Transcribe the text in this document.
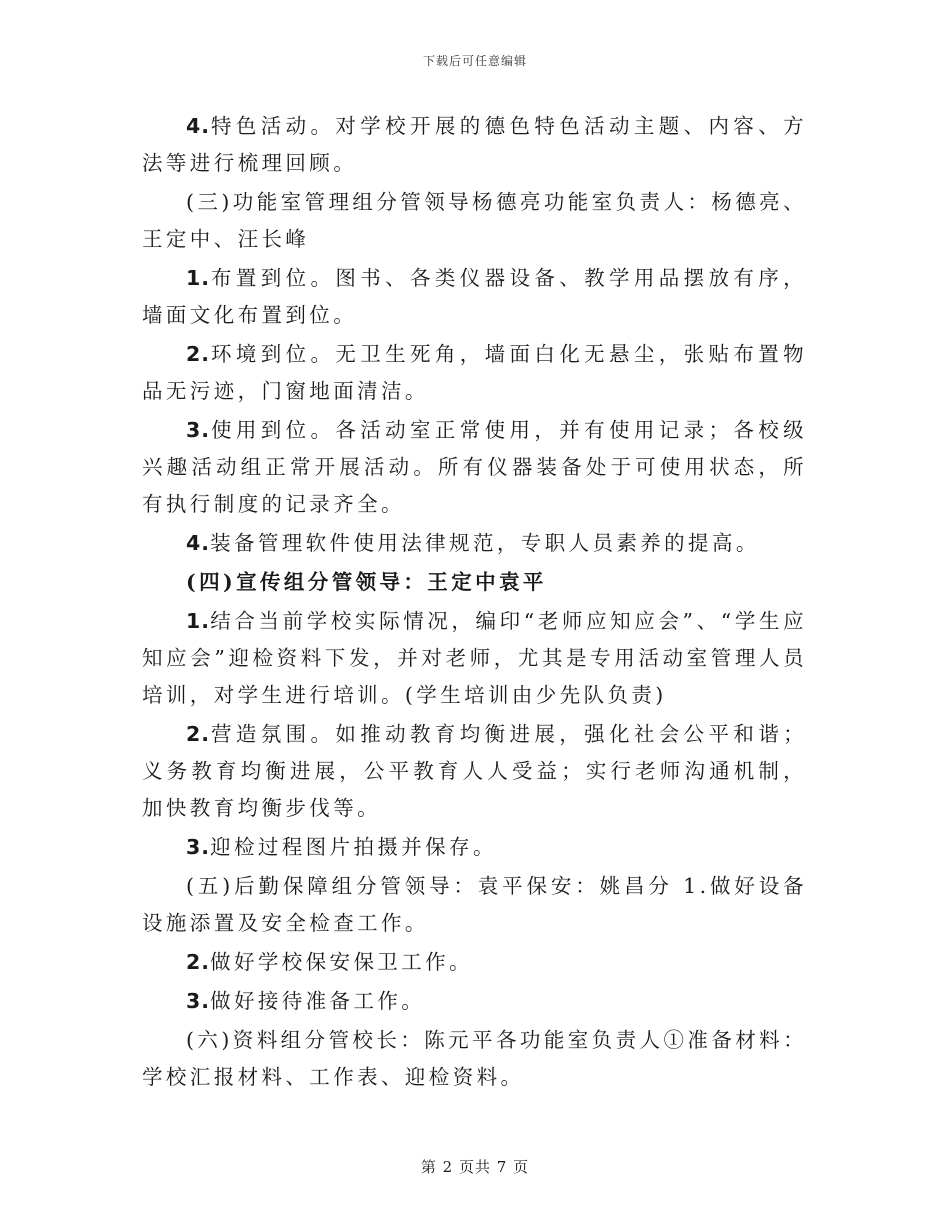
下载后可任意编辑

4.特色活动。对学校开展的德色特色活动主题、内容、方法等进行梳理回顾。

(三)功能室管理组分管领导杨德亮功能室负责人：杨德亮、王定中、汪长峰

1.布置到位。图书、各类仪器设备、教学用品摆放有序，墙面文化布置到位。

2.环境到位。无卫生死角，墙面白化无悬尘，张贴布置物品无污迹，门窗地面清洁。

3.使用到位。各活动室正常使用，并有使用记录；各校级兴趣活动组正常开展活动。所有仪器装备处于可使用状态，所有执行制度的记录齐全。

4.装备管理软件使用法律规范，专职人员素养的提高。

(四)宣传组分管领导：王定中袁平

1.结合当前学校实际情况，编印“老师应知应会”、“学生应知应会”迎检资料下发，并对老师，尤其是专用活动室管理人员培训，对学生进行培训。(学生培训由少先队负责)

2.营造氛围。如推动教育均衡进展，强化社会公平和谐；义务教育均衡进展，公平教育人人受益；实行老师沟通机制，加快教育均衡步伐等。

3.迎检过程图片拍摄并保存。

(五)后勤保障组分管领导：袁平保安：姚昌分 1.做好设备设施添置及安全检查工作。

2.做好学校保安保卫工作。

3.做好接待准备工作。

(六)资料组分管校长：陈元平各功能室负责人①准备材料：学校汇报材料、工作表、迎检资料。

第 2 页共 7 页
